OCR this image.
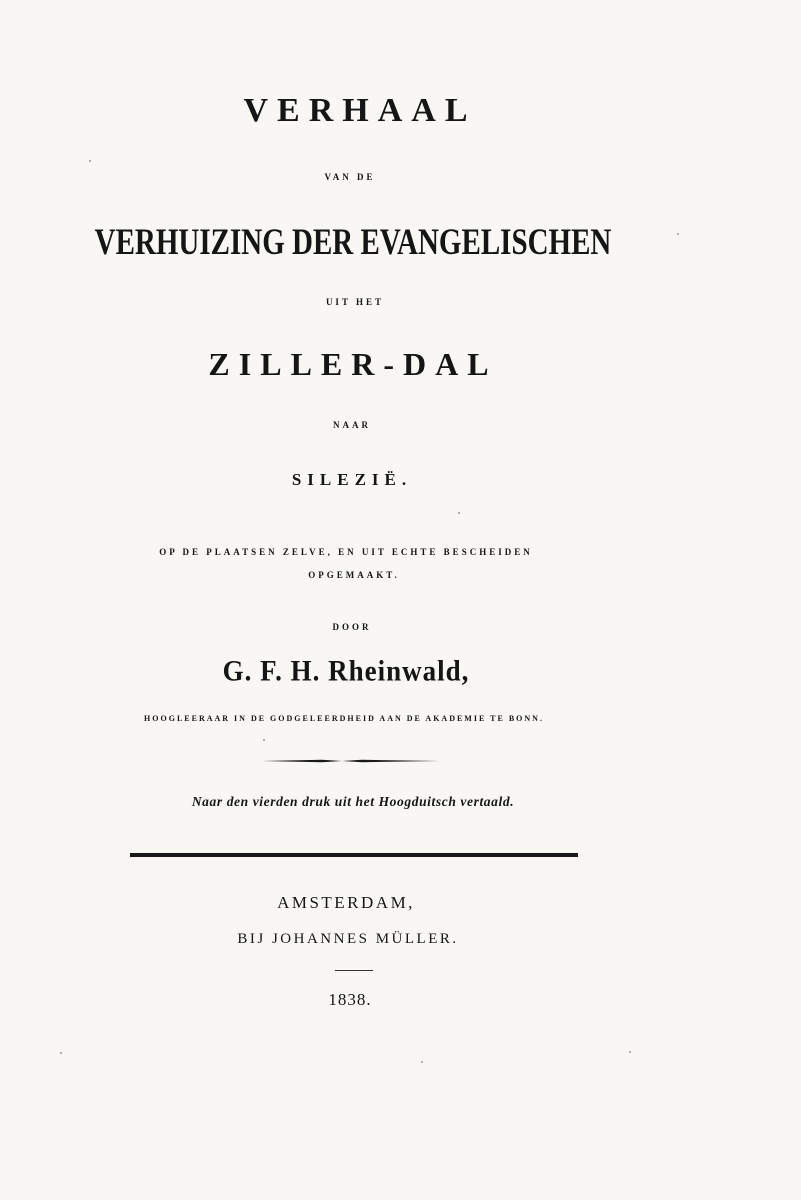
VERHAAL
VAN DE
VERHUIZING DER EVANGELISCHEN
UIT HET
ZILLER-DAL
NAAR
SILEZIË.
OP DE PLAATSEN ZELVE, EN UIT ECHTE BESCHEIDEN
OPGEMAAKT.
DOOR
G. F. H. Rheinwald,
HOOGLEERAAR IN DE GODGELEERDHEID AAN DE AKADEMIE TE BONN.
Naar den vierden druk uit het Hoogduitsch vertaald.
AMSTERDAM,
BIJ JOHANNES MÜLLER.
1838.
